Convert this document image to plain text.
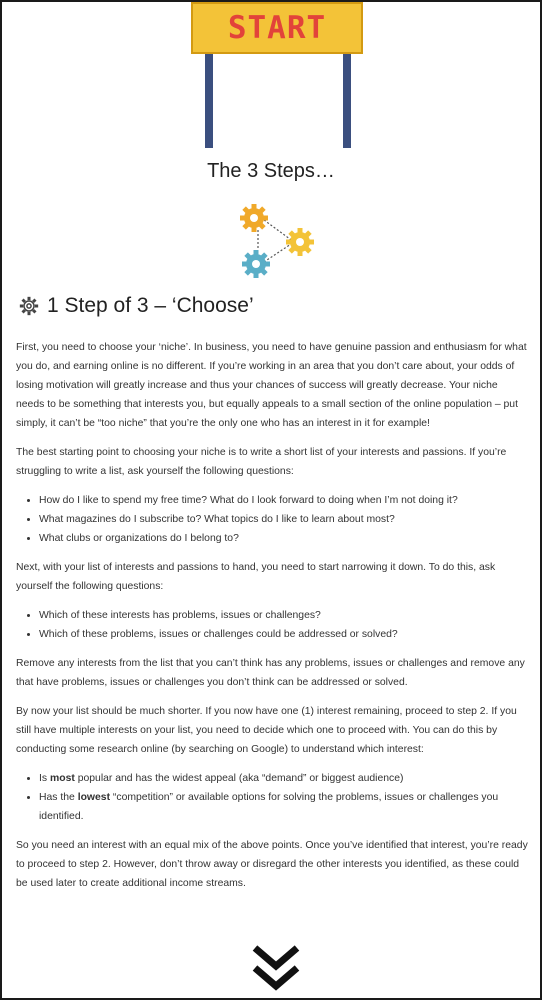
START
The 3 Steps…
1 Step of 3 – ‘Choose’

First, you need to choose your ‘niche’. In business, you need to have genuine passion and enthusiasm for what you do, and earning online is no different. If you’re working in an area that you don’t care about, your odds of losing motivation will greatly increase and thus your chances of success will greatly decrease. Your niche needs to be something that interests you, but equally appeals to a small section of the online population – put simply, it can’t be “too niche” that you’re the only one who has an interest in it for example!

The best starting point to choosing your niche is to write a short list of your interests and passions. If you’re struggling to write a list, ask yourself the following questions:

• How do I like to spend my free time? What do I look forward to doing when I’m not doing it?
• What magazines do I subscribe to? What topics do I like to learn about most?
• What clubs or organizations do I belong to?

Next, with your list of interests and passions to hand, you need to start narrowing it down. To do this, ask yourself the following questions:

• Which of these interests has problems, issues or challenges?
• Which of these problems, issues or challenges could be addressed or solved?

Remove any interests from the list that you can’t think has any problems, issues or challenges and remove any that have problems, issues or challenges you don’t think can be addressed or solved.

By now your list should be much shorter. If you now have one (1) interest remaining, proceed to step 2. If you still have multiple interests on your list, you need to decide which one to proceed with. You can do this by conducting some research online (by searching on Google) to understand which interest:

• Is most popular and has the widest appeal (aka “demand” or biggest audience)
• Has the lowest “competition” or available options for solving the problems, issues or challenges you identified.

So you need an interest with an equal mix of the above points. Once you’ve identified that interest, you’re ready to proceed to step 2. However, don’t throw away or disregard the other interests you identified, as these could be used later to create additional income streams.
